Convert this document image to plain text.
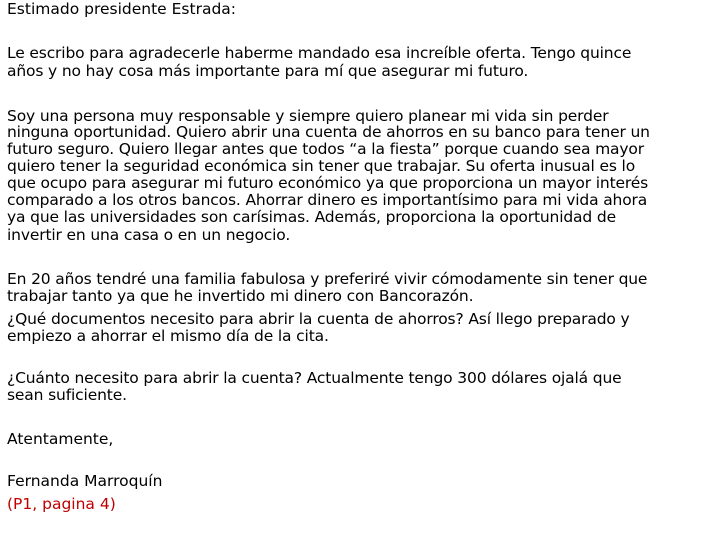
Estimado presidente Estrada:
Le escribo para agradecerle haberme mandado esa increíble oferta. Tengo quince
años y no hay cosa más importante para mí que asegurar mi futuro.
Soy una persona muy responsable y siempre quiero planear mi vida sin perder
ninguna oportunidad. Quiero abrir una cuenta de ahorros en su banco para tener un
futuro seguro. Quiero llegar antes que todos “a la fiesta” porque cuando sea mayor
quiero tener la seguridad económica sin tener que trabajar. Su oferta inusual es lo
que ocupo para asegurar mi futuro económico ya que proporciona un mayor interés
comparado a los otros bancos. Ahorrar dinero es importantísimo para mi vida ahora
ya que las universidades son carísimas. Además, proporciona la oportunidad de
invertir en una casa o en un negocio.
En 20 años tendré una familia fabulosa y preferiré vivir cómodamente sin tener que
trabajar tanto ya que he invertido mi dinero con Bancorazón.
¿Qué documentos necesito para abrir la cuenta de ahorros? Así llego preparado y
empiezo a ahorrar el mismo día de la cita.
¿Cuánto necesito para abrir la cuenta? Actualmente tengo 300 dólares ojalá que
sean suficiente.
Atentamente,
Fernanda Marroquín
(P1, pagina 4)
